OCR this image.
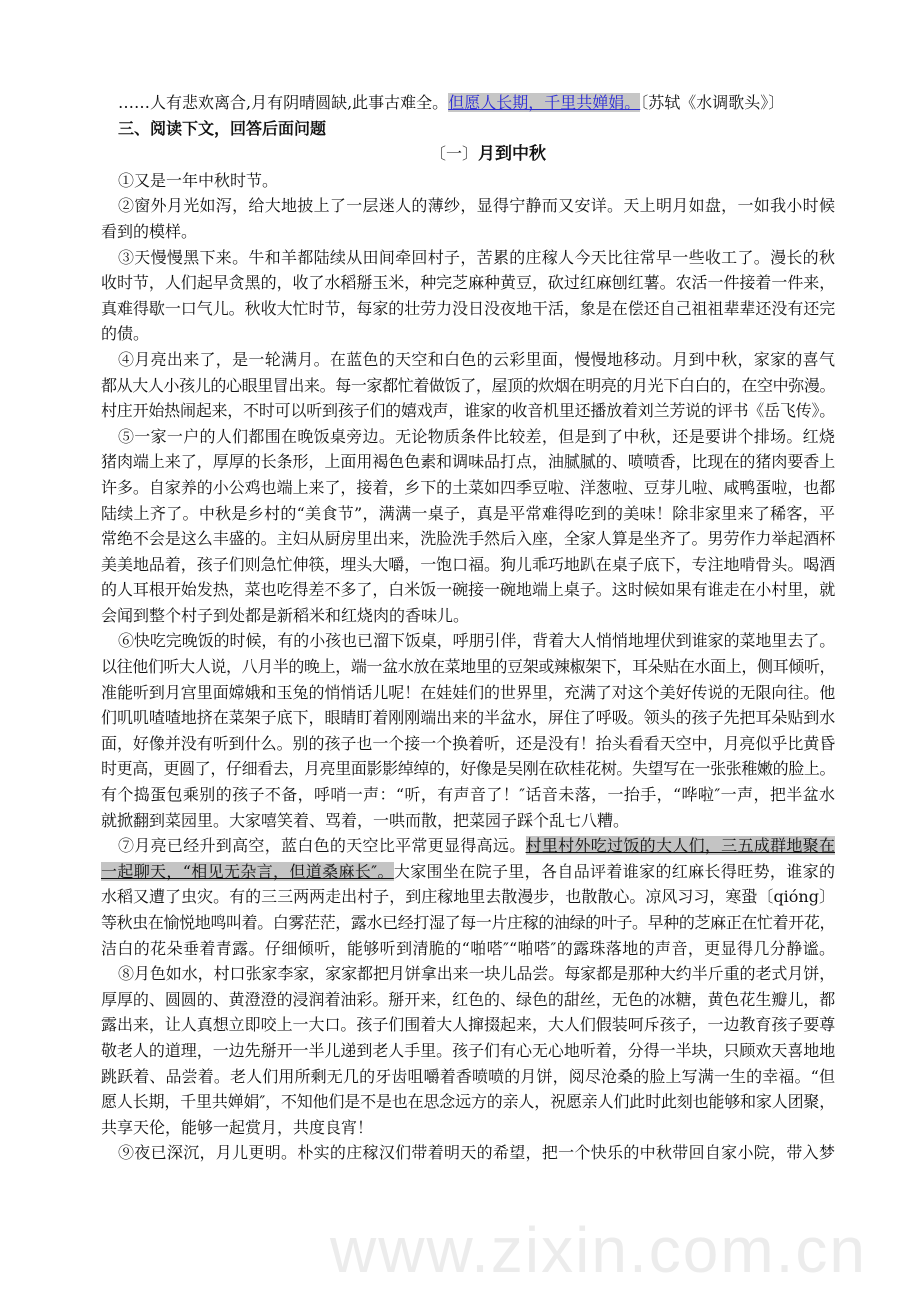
www.zixin.com.cn
……人有悲欢离合,月有阴晴圆缺,此事古难全。但愿人长期，千里共婵娟。〔苏轼《水调歌头》〕
三、阅读下文，回答后面问题
〔一〕月到中秋
①又是一年中秋时节。
②窗外月光如泻，给大地披上了一层迷人的薄纱，显得宁静而又安详。天上明月如盘，一如我小时候
看到的模样。
③天慢慢黑下来。牛和羊都陆续从田间牵回村子，苦累的庄稼人今天比往常早一些收工了。漫长的秋
收时节，人们起早贪黑的，收了水稻掰玉米，种完芝麻种黄豆，砍过红麻刨红薯。农活一件接着一件来，
真难得歇一口气儿。秋收大忙时节，每家的壮劳力没日没夜地干活，象是在偿还自己祖祖辈辈还没有还完
的债。
④月亮出来了，是一轮满月。在蓝色的天空和白色的云彩里面，慢慢地移动。月到中秋，家家的喜气
都从大人小孩儿的心眼里冒出来。每一家都忙着做饭了，屋顶的炊烟在明亮的月光下白白的，在空中弥漫。
村庄开始热闹起来，不时可以听到孩子们的嬉戏声，谁家的收音机里还播放着刘兰芳说的评书《岳飞传》。
⑤一家一户的人们都围在晚饭桌旁边。无论物质条件比较差，但是到了中秋，还是要讲个排场。红烧
猪肉端上来了，厚厚的长条形，上面用褐色色素和调味品打点，油腻腻的、喷喷香，比现在的猪肉要香上
许多。自家养的小公鸡也端上来了，接着，乡下的土菜如四季豆啦、洋葱啦、豆芽儿啦、咸鸭蛋啦，也都
陆续上齐了。中秋是乡村的“美食节”，满满一桌子，真是平常难得吃到的美味！除非家里来了稀客，平
常绝不会是这么丰盛的。主妇从厨房里出来，洗脸洗手然后入座，全家人算是坐齐了。男劳作力举起酒杯
美美地品着，孩子们则急忙伸筷，埋头大嚼，一饱口福。狗儿乖巧地趴在桌子底下，专注地啃骨头。喝酒
的人耳根开始发热，菜也吃得差不多了，白米饭一碗接一碗地端上桌子。这时候如果有谁走在小村里，就
会闻到整个村子到处都是新稻米和红烧肉的香味儿。
⑥快吃完晚饭的时候，有的小孩也已溜下饭桌，呼朋引伴，背着大人悄悄地埋伏到谁家的菜地里去了。
以往他们听大人说，八月半的晚上，端一盆水放在菜地里的豆架或辣椒架下，耳朵贴在水面上，侧耳倾听，
准能听到月宫里面嫦娥和玉兔的悄悄话儿呢！在娃娃们的世界里，充满了对这个美好传说的无限向往。他
们叽叽喳喳地挤在菜架子底下，眼睛盯着刚刚端出来的半盆水，屏住了呼吸。领头的孩子先把耳朵贴到水
面，好像并没有听到什么。别的孩子也一个接一个换着听，还是没有！抬头看看天空中，月亮似乎比黄昏
时更高，更圆了，仔细看去，月亮里面影影绰绰的，好像是吴刚在砍桂花树。失望写在一张张稚嫩的脸上。
有个捣蛋包乘别的孩子不备，呼哨一声：“听，有声音了！″话音未落，一抬手，“哗啦″一声，把半盆水
就掀翻到菜园里。大家嘻笑着、骂着，一哄而散，把菜园子踩个乱七八糟。
⑦月亮已经升到高空，蓝白色的天空比平常更显得高远。村里村外吃过饭的大人们，三五成群地聚在
一起聊天，“相见无杂言，但道桑麻长″。大家围坐在院子里，各自品评着谁家的红麻长得旺势，谁家的
水稻又遭了虫灾。有的三三两两走出村子，到庄稼地里去散漫步，也散散心。凉风习习，寒蛩〔qióng〕
等秋虫在愉悦地鸣叫着。白雾茫茫，露水已经打湿了每一片庄稼的油绿的叶子。早种的芝麻正在忙着开花，
洁白的花朵垂着青露。仔细倾听，能够听到清脆的“啪嗒″“啪嗒″的露珠落地的声音，更显得几分静谧。
⑧月色如水，村口张家李家，家家都把月饼拿出来一块儿品尝。每家都是那种大约半斤重的老式月饼，
厚厚的、圆圆的、黄澄澄的浸润着油彩。掰开来，红色的、绿色的甜丝，无色的冰糖，黄色花生瓣儿，都
露出来，让人真想立即咬上一大口。孩子们围着大人撺掇起来，大人们假装呵斥孩子，一边教育孩子要尊
敬老人的道理，一边先掰开一半儿递到老人手里。孩子们有心无心地听着，分得一半块，只顾欢天喜地地
跳跃着、品尝着。老人们用所剩无几的牙齿咀嚼着香喷喷的月饼，阅尽沧桑的脸上写满一生的幸福。“但
愿人长期，千里共婵娟″，不知他们是不是也在思念远方的亲人，祝愿亲人们此时此刻也能够和家人团聚，
共享天伦，能够一起赏月，共度良宵！
⑨夜已深沉，月儿更明。朴实的庄稼汉们带着明天的希望，把一个快乐的中秋带回自家小院，带入梦
